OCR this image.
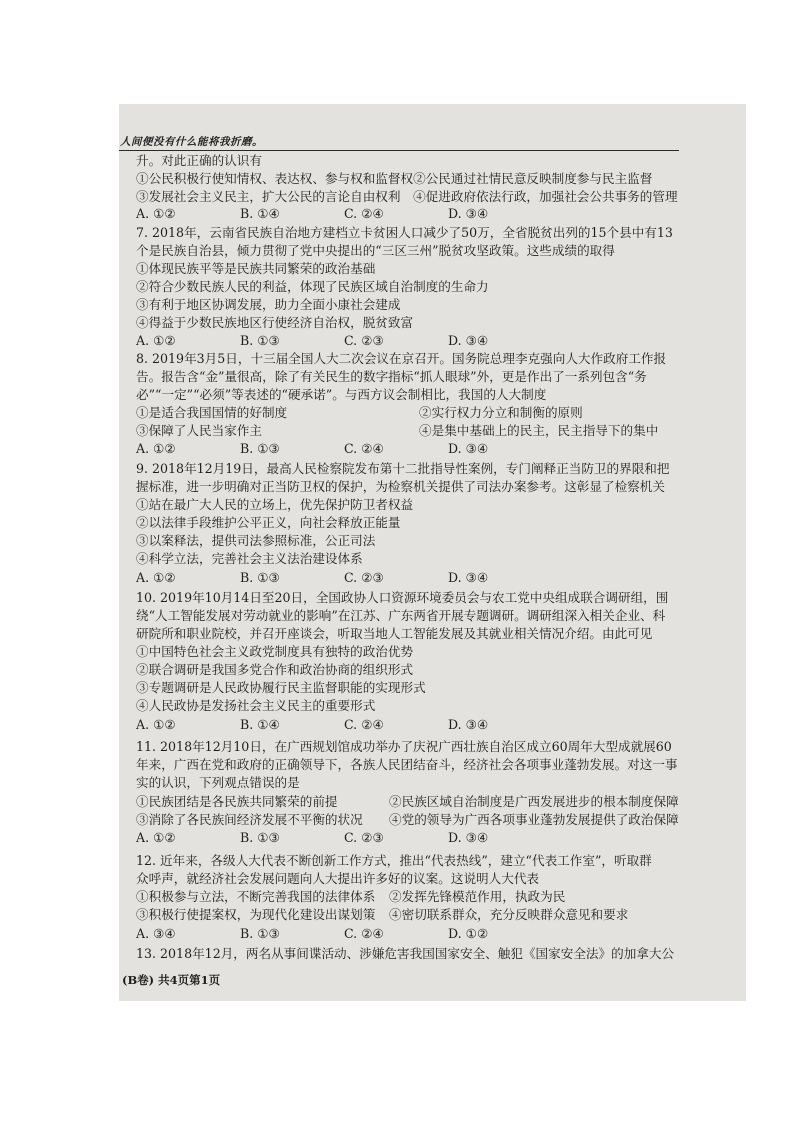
人间便没有什么能将我折磨。
升。对此正确的认识有
①公民积极行使知情权、表达权、参与权和监督权②公民通过社情民意反映制度参与民主监督
③发展社会主义民主，扩大公民的言论自由权利　④促进政府依法行政，加强社会公共事务的管理
A. ①②	B. ①④	C. ②④	D. ③④
7. 2018年，云南省民族自治地方建档立卡贫困人口减少了50万，全省脱贫出列的15个县中有13
个是民族自治县，倾力贯彻了党中央提出的“三区三州”脱贫攻坚政策。这些成绩的取得
①体现民族平等是民族共同繁荣的政治基础
②符合少数民族人民的利益，体现了民族区域自治制度的生命力
③有利于地区协调发展，助力全面小康社会建成
④得益于少数民族地区行使经济自治权，脱贫致富
A. ①②	B. ①③	C. ②③	D. ③④
8. 2019年3月5日，十三届全国人大二次会议在京召开。国务院总理李克强向人大作政府工作报
告。报告含“金”量很高，除了有关民生的数字指标“抓人眼球”外，更是作出了一系列包含“务
必”“一定”“必须”等表述的“硬承诺”。与西方议会制相比，我国的人大制度
①是适合我国国情的好制度	②实行权力分立和制衡的原则
③保障了人民当家作主	④是集中基础上的民主，民主指导下的集中
A. ①②	B. ①③	C. ②④	D. ③④
9. 2018年12月19日，最高人民检察院发布第十二批指导性案例，专门阐释正当防卫的界限和把
握标准，进一步明确对正当防卫权的保护，为检察机关提供了司法办案参考。这彰显了检察机关
①站在最广大人民的立场上，优先保护防卫者权益
②以法律手段维护公平正义，向社会释放正能量
③以案释法，提供司法参照标准，公正司法
④科学立法，完善社会主义法治建设体系
A. ①②	B. ①③	C. ②③	D. ③④
10. 2019年10月14日至20日，全国政协人口资源环境委员会与农工党中央组成联合调研组，围
绕“人工智能发展对劳动就业的影响”在江苏、广东两省开展专题调研。调研组深入相关企业、科
研院所和职业院校，并召开座谈会，听取当地人工智能发展及其就业相关情况介绍。由此可见
①中国特色社会主义政党制度具有独特的政治优势
②联合调研是我国多党合作和政治协商的组织形式
③专题调研是人民政协履行民主监督职能的实现形式
④人民政协是发扬社会主义民主的重要形式
A. ①②	B. ①④	C. ②④	D. ③④
11. 2018年12月10日，在广西规划馆成功举办了庆祝广西壮族自治区成立60周年大型成就展60
年来，广西在党和政府的正确领导下，各族人民团结奋斗，经济社会各项事业蓬勃发展。对这一事
实的认识，下列观点错误的是
①民族团结是各民族共同繁荣的前提	②民族区域自治制度是广西发展进步的根本制度保障
③消除了各民族间经济发展不平衡的状况 ④党的领导为广西各项事业蓬勃发展提供了政治保障
A. ①②	B. ①③	C. ②③	D. ③④
12. 近年来，各级人大代表不断创新工作方式，推出“代表热线”，建立“代表工作室”，听取群
众呼声，就经济社会发展问题向人大提出许多好的议案。这说明人大代表
①积极参与立法，不断完善我国的法律体系 ②发挥先锋模范作用，执政为民
③积极行使提案权，为现代化建设出谋划策 ④密切联系群众，充分反映群众意见和要求
A. ③④	B. ①③	C. ②④	D. ①②
13. 2018年12月，两名从事间谍活动、涉嫌危害我国国家安全、触犯《国家安全法》的加拿大公
(B卷) 共4页第1页
